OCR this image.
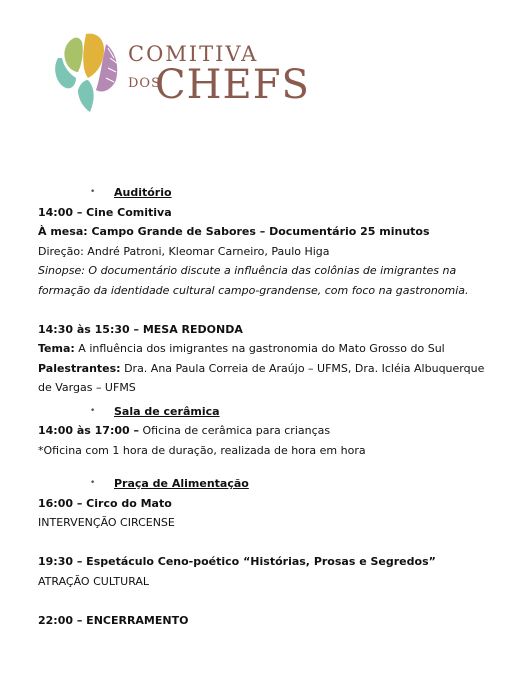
COMITIVA
DOS
CHEFS
• Auditório
14:00 – Cine Comitiva
À mesa: Campo Grande de Sabores – Documentário 25 minutos
Direção: André Patroni, Kleomar Carneiro, Paulo Higa
Sinopse: O documentário discute a influência das colônias de imigrantes na
formação da identidade cultural campo-grandense, com foco na gastronomia.
14:30 às 15:30 – MESA REDONDA
Tema: A influência dos imigrantes na gastronomia do Mato Grosso do Sul
Palestrantes: Dra. Ana Paula Correia de Araújo – UFMS, Dra. Icléia Albuquerque
de Vargas – UFMS
• Sala de cerâmica
14:00 às 17:00 – Oficina de cerâmica para crianças
*Oficina com 1 hora de duração, realizada de hora em hora
• Praça de Alimentação
16:00 – Circo do Mato
INTERVENÇÃO CIRCENSE
19:30 – Espetáculo Ceno-poético “Histórias, Prosas e Segredos”
ATRAÇÃO CULTURAL
22:00 – ENCERRAMENTO
